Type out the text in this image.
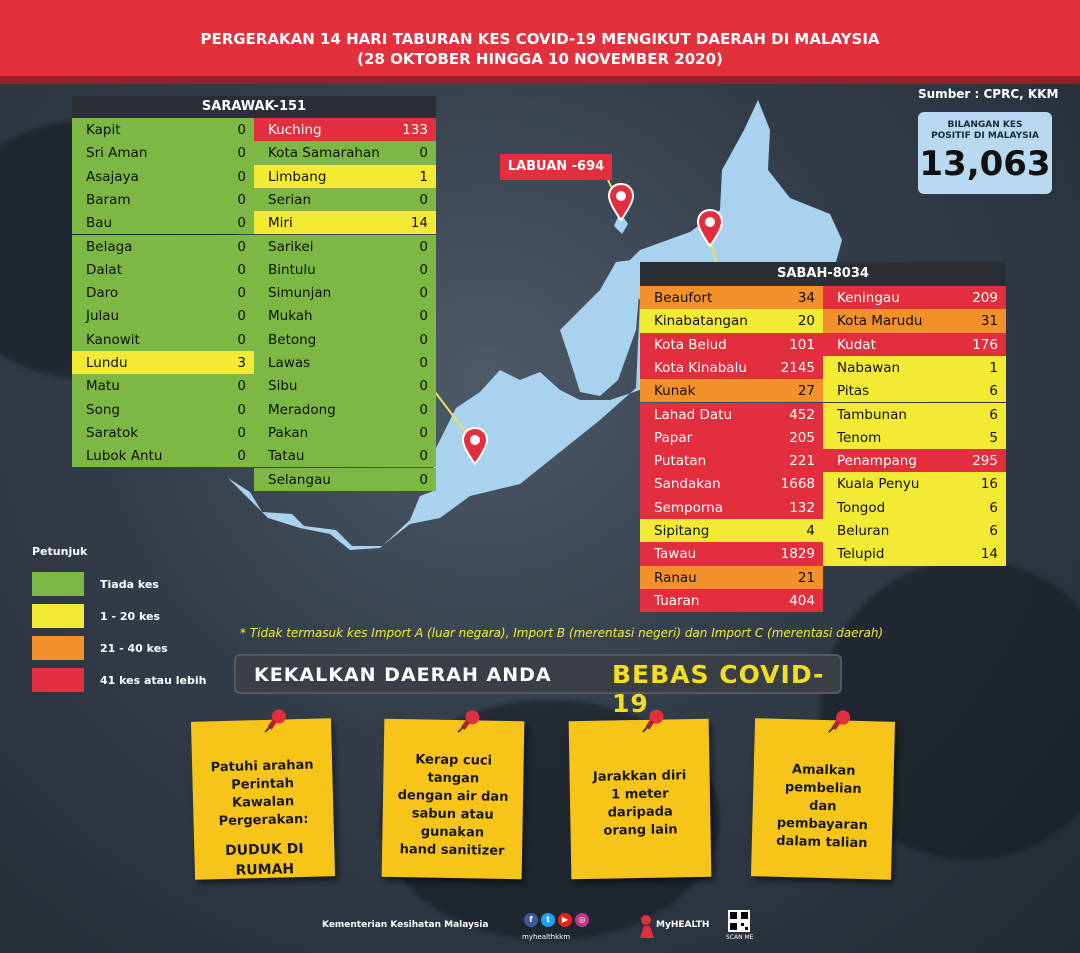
PERGERAKAN 14 HARI TABURAN KES COVID-19 MENGIKUT DAERAH DI MALAYSIA
(28 OKTOBER HINGGA 10 NOVEMBER 2020)
Sumber : CPRC, KKM
BILANGAN KES
POSITIF DI MALAYSIA
13,063
LABUAN -694
SARAWAK-151
Kapit	0
Sri Aman	0
Asajaya	0
Baram	0
Bau	0
Belaga	0
Dalat	0
Daro	0
Julau	0
Kanowit	0
Lundu	3
Matu	0
Song	0
Saratok	0
Lubok Antu	0
Kuching	133
Kota Samarahan	0
Limbang	1
Serian	0
Miri	14
Sarikei	0
Bintulu	0
Simunjan	0
Mukah	0
Betong	0
Lawas	0
Sibu	0
Meradong	0
Pakan	0
Tatau	0
Selangau	0
SABAH-8034
Beaufort	34
Kinabatangan	20
Kota Belud	101
Kota Kinabalu	2145
Kunak	27
Lahad Datu	452
Papar	205
Putatan	221
Sandakan	1668
Semporna	132
Sipitang	4
Tawau	1829
Ranau	21
Tuaran	404
Keningau	209
Kota Marudu	31
Kudat	176
Nabawan	1
Pitas	6
Tambunan	6
Tenom	5
Penampang	295
Kuala Penyu	16
Tongod	6
Beluran	6
Telupid	14
Petunjuk
Tiada kes
1 - 20 kes
21 - 40 kes
41 kes atau lebih
* Tidak termasuk kes Import A (luar negara), Import B (merentasi negeri) dan Import C (merentasi daerah)
KEKALKAN DAERAH ANDA BEBAS COVID-19
Patuhi arahan
Perintah Kawalan
Pergerakan:
DUDUK DI
RUMAH
Kerap cuci
tangan
dengan air dan
sabun atau
gunakan
hand sanitizer
Jarakkan diri
1 meter
daripada
orang lain
Amalkan
pembelian
dan
pembayaran
dalam talian
Kementerian Kesihatan Malaysia
f	t	▶	◎
myhealthkkm
MyHEALTH
SCAN ME
